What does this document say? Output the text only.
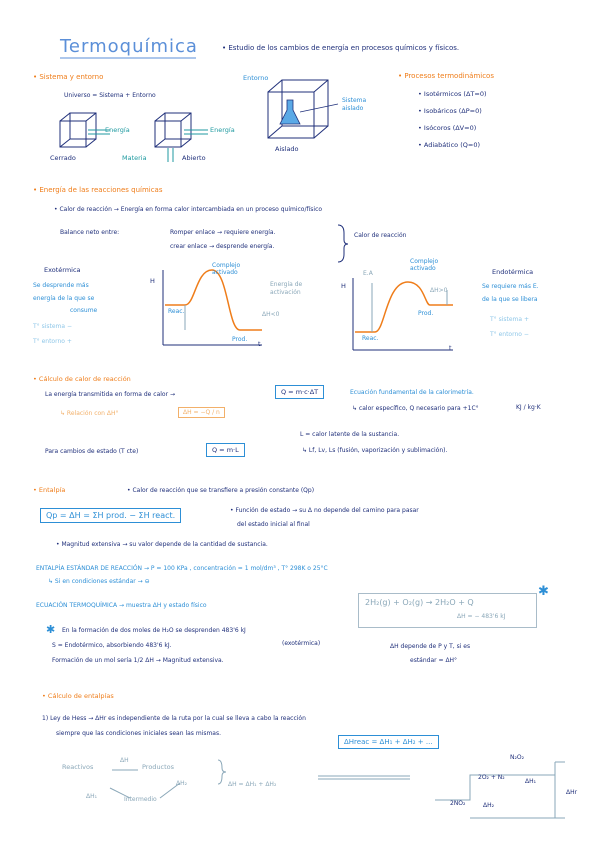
Termoquímica	• Estudio de los cambios de energía en procesos químicos y físicos.
• Sistema y entorno
Universo = Sistema + Entorno
Energía	Energía
Cerrado	Materia	Abierto
Entorno
Sistema
aislado
Aislado
• Procesos termodinámicos
• Isotérmicos (ΔT=0)
• Isobáricos (ΔP=0)
• Isócoros (ΔV=0)
• Adiabático (Q=0)
• Energía de las reacciones químicas
• Calor de reacción → Energía en forma calor intercambiada en un proceso químico/físico
Balance neto entre:	Romper enlace → requiere energía.
crear enlace → desprende energía.
Calor de reacción
Exotérmica
Se desprende más
energía de la que se
consume
T° sistema −
T° entorno +
H
Complejo
activado
Reac.
Prod.
Energía de
activación
ΔH<0
t
H
E.A
Complejo
activado
ΔH>0
Prod.
Reac.
t
Endotérmica
Se requiere más E.
de la que se libera
T° sistema +
T° entorno −
• Cálculo de calor de reacción
La energía transmitida en forma de calor →	Q = m·c·ΔT	Ecuación fundamental de la calorimetría.
↳ calor específico, Q necesario para +1C°	KJ / kg·K
↳ Relación con ΔH°	ΔH = −Q / n
Para cambios de estado (T cte)	Q = m·L
L = calor latente de la sustancia.
↳ Lf, Lv, Ls (fusión, vaporización y sublimación).
• Entalpía	• Calor de reacción que se transfiere a presión constante (Qp)
Qp = ΔH = ΣH prod. − ΣH react.
• Función de estado → su Δ no depende del camino para pasar
del estado inicial al final
• Magnitud extensiva → su valor depende de la cantidad de sustancia.
ENTALPÍA ESTÁNDAR DE REACCIÓN → P = 100 KPa , concentración = 1 mol/dm³ , T° 298K o 25°C
↳ Si en condiciones estándar → ⊖
ECUACIÓN TERMOQUÍMICA → muestra ΔH y estado físico	2H₂(g) + O₂(g) → 2H₂O + Q
ΔH = − 483'6 kJ
✱
✱ En la formación de dos moles de H₂O se desprenden 483'6 kJ
S = Endotérmico, absorbiendo 483'6 kJ.	(exotérmica)
Formación de un mol sería 1/2 ΔH → Magnitud extensiva.
ΔH depende de P y T, si es
estándar = ΔH°
• Cálculo de entalpías
1) Ley de Hess → ΔHr es independiente de la ruta por la cual se lleva a cabo la reacción
siempre que las condiciones iniciales sean las mismas.
ΔHreac = ΔH₁ + ΔH₂ + ...
Reactivos
ΔH
Productos
ΔH₁
ΔH₂
Intermedio
ΔH = ΔH₁ + ΔH₂
N₂O₂
2O₂ + N₂
ΔH₁
2NO₂	ΔH₂
ΔHr
